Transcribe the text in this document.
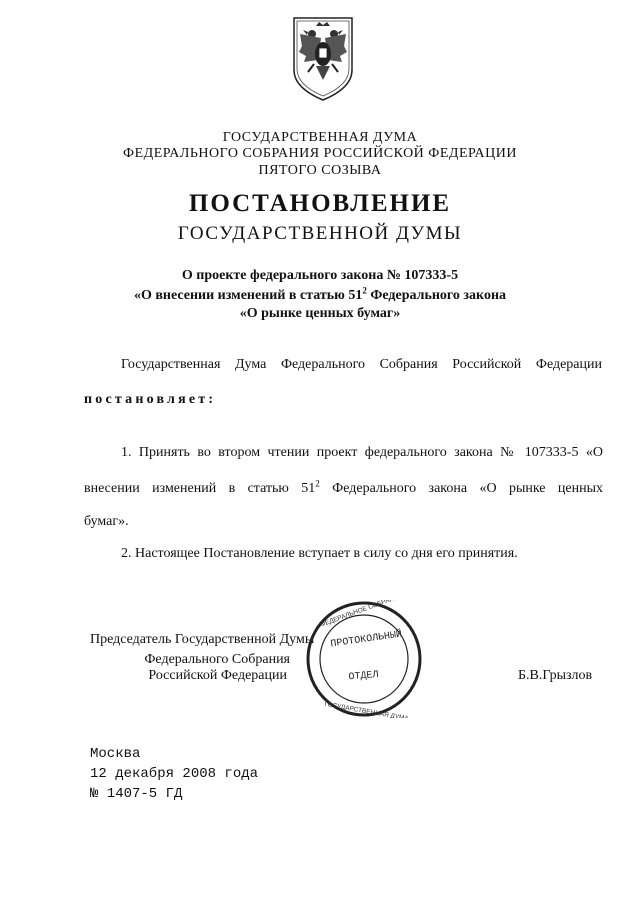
ГОСУДАРСТВЕННАЯ ДУМА
ФЕДЕРАЛЬНОГО СОБРАНИЯ РОССИЙСКОЙ ФЕДЕРАЦИИ
ПЯТОГО СОЗЫВА
ПОСТАНОВЛЕНИЕ
ГОСУДАРСТВЕННОЙ ДУМЫ
О проекте федерального закона № 107333-5
«О внесении изменений в статью $51^2$ Федерального закона
«О рынке ценных бумаг»
Государственная Дума Федерального Собрания Российской Федерации
постановляет:
1. Принять во втором чтении проект федерального закона № 107333-5 «О
внесении изменений в статью $51^2$ Федерального закона «О рынке ценных
бумаг».
2. Настоящее Постановление вступает в силу со дня его принятия.
Председатель Государственной Думы
Федерального Собрания
Российской Федерации	Б.В.Грызлов
ФЕДЕРАЛЬНОЕ СОБРАНИЕ
ГОСУДАРСТВЕННАЯ ДУМА
ПРОТОКОЛЬНЫЙ
ОТДЕЛ
Москва
12 декабря 2008 года
№ 1407-5 ГД
